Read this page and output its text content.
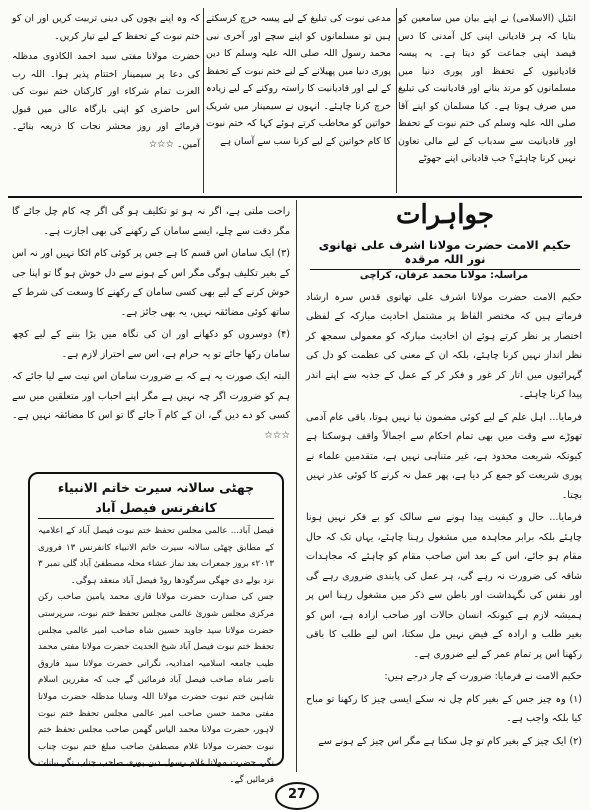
انٹیل (الاسلامی) نے اپنے بیان میں سامعین کو بتایا کہ ہر قادیانی اپنی کل آمدنی کا دس فیصد اپنی جماعت کو دیتا ہے۔ یہ پیسہ قادیانیوں کے تحفظ اور پوری دنیا میں مسلمانوں کو مرتد بنانے اور قادیانیت کی تبلیغ میں صرف ہوتا ہے۔ کیا مسلمان کو اپنے آقا صلی اللہ علیہ وسلم کی ختم نبوت کے تحفظ اور قادیانیت سے سدباب کے لیے مالی تعاون نہیں کرنا چاہئے؟ جب قادیانی اپنے جھوٹے

مدعی نبوت کی تبلیغ کے لیے پیسہ خرچ کرسکتے ہیں تو مسلمانوں کو اپنے سچے اور آخری نبی محمد رسول اللہ صلی اللہ علیہ وسلم کا دین پوری دنیا میں پھیلانے کے لیے ختم نبوت کے تحفظ کے لیے اور قادیانیت کا راستہ روکنے کے لیے زیادہ خرچ کرنا چاہئے۔ انہوں نے سیمینار میں شریک خواتین کو مخاطب کرتے ہوئے کہا کہ ختم نبوت کا کام خواتین کے لیے کرنا سب سے آسان ہے

کہ وہ اپنے بچوں کی دینی تربیت کریں اور ان کو ختم نبوت کے تحفظ کے لیے تیار کریں۔

حضرت مولانا مفتی سید احمد الکاذوی مدظلہ کی دعا پر سیمینار اختتام پذیر ہوا۔ اللہ رب العزت تمام شرکاء اور کارکنان ختم نبوت کی اس حاضری کو اپنی بارگاہ عالی میں قبول فرمائے اور روز محشر نجات کا ذریعہ بنائے۔ آمین۔ ☆☆☆

جواہرات
حکیم الامت حضرت مولانا اشرف علی تھانوی نور اللہ مرقدہ

مراسلہ: مولانا محمد عرفان، کراچی

حکیم الامت حضرت مولانا اشرف علی تھانوی قدس سرہ ارشاد فرماتے ہیں کہ مختصر الفاظ پر مشتمل احادیث مبارکہ کے لفظی اختصار پر نظر کرتے ہوئے ان احادیث مبارکہ کو معمولی سمجھ کر نظر انداز نہیں کرنا چاہئے، بلکہ ان کے معنی کی عظمت کو دل کی گہرائیوں میں اتار کر غور و فکر کر کے عمل کے جذبہ سے اپنے اندر پیدا کرنا چاہئے۔

فرمایا... اہل علم کے لیے کوئی مضمون نیا نہیں ہوتا، باقی عام آدمی تھوڑے سے وقت میں بھی تمام احکام سے اجمالاً واقف ہوسکتا ہے کیونکہ شریعت محدود ہے، غیر متناہی نہیں ہے، متقدمین علماء نے پوری شریعت کو جمع کر دیا ہے، پھر عمل نہ کرنے کا کوئی عذر نہیں بچتا۔

فرمایا... حال و کیفیت پیدا ہونے سے سالک کو بے فکر نہیں ہونا چاہئے بلکہ برابر مجاہدہ میں مشغول رہنا چاہئے، یہاں تک کہ حال مقام ہو جائے، اس کے بعد اس صاحب مقام کو چاہئے کہ مجاہدات شاقہ کی ضرورت نہ رہے گی، ہر عمل کی پابندی ضروری رہے گی اور نفس کی نگہداشت اور باطن سے ذکر میں مشغول رہنا اس پر ہمیشہ لازم ہے کیونکہ انسان حالات اور صاحب ارادہ ہے، اس کو بغیر طلب و ارادہ کے فیض نہیں مل سکتا، اس لیے طلب کا باقی رکھنا اس پر تمام عمر کے لیے ضروری ہے۔

حکیم الامت نے فرمایا: ضرورت کے چار درجے ہیں:

(۱) وہ چیز جس کے بغیر کام چل نہ سکے ایسی چیز کا رکھنا تو مباح کیا بلکہ واجب ہے۔

(۲) ایک چیز کے بغیر کام تو چل سکتا ہے مگر اس چیز کے ہونے سے

راحت ملتی ہے، اگر نہ ہو تو تکلیف ہو گی اگر چہ کام چل جائے گا مگر دقت سے چلے، ایسے سامان کے رکھنے کی بھی اجازت ہے۔

(۳) ایک سامان اس قسم کا ہے جس پر کوئی کام اٹکا نہیں اور نہ اس کے بغیر تکلیف ہوگی مگر اس کے ہونے سے دل خوش ہو گا تو اپنا جی خوش کرنے کے لیے بھی کسی سامان کے رکھنے کا وسعت کی شرط کے ساتھ کوئی مضائقہ نہیں، یہ بھی جائز ہے۔

(۴) دوسروں کو دکھانے اور ان کی نگاہ میں بڑا بننے کے لیے کچھ سامان رکھا جائے تو یہ حرام ہے، اس سے احتراز لازم ہے۔

البتہ ایک صورت یہ ہے کہ بے ضرورت سامان اس نیت سے لیا جائے کہ ہم کو ضرورت اگر چہ نہیں ہے مگر اپنے احباب اور متعلقین میں سے کسی کو دے دیں گے، ان کے کام آ جائے گا تو اس کا مضائقہ نہیں ہے۔ ☆☆☆

چھٹی سالانہ سیرت خاتم الانبیاء کانفرنس فیصل آباد

فیصل آباد... عالمی مجلس تحفظ ختم نبوت فیصل آباد کے اعلامیہ کے مطابق چھٹی سالانہ سیرت خاتم الانبیاء کانفرنس ۱۳ فروری ۲۰۱۳ء بروز جمعرات بعد نماز عشاء محلہ مصطفیٰ آباد گلی نمبر ۳ نزد بولے دی جھگی سرگودھا روڈ فیصل آباد منعقد ہوگی۔

جس کی صدارت حضرت مولانا قاری محمد یامین صاحب رکن مرکزی مجلس شوریٰ عالمی مجلس تحفظ ختم نبوت، سرپرستی حضرت مولانا سید جاوید حسین شاہ صاحب امیر عالمی مجلس تحفظ ختم نبوت فیصل آباد شیخ الحدیث حضرت مولانا مفتی محمد طیب جامعہ اسلامیہ امدادیہ، نگرانی حضرت مولانا سید فاروق ناصر شاہ صاحب فیصل آباد فرمائیں گے جب کہ مقررین اسلام شاہین ختم نبوت حضرت مولانا اللہ وسایا مدظلہ حضرت مولانا مفتی محمد حسن صاحب امیر عالمی مجلس تحفظ ختم نبوت لاہور، حضرت مولانا محمد الیاس گھمن صاحب مجلس تحفظ ختم نبوت حضرت مولانا غلام مصطفیٰ صاحب مبلغ ختم نبوت چناب نگر، حضرت مولانا غلام رسول دین پوری صاحب چناب نگر بیانات فرمائیں گے۔

27
